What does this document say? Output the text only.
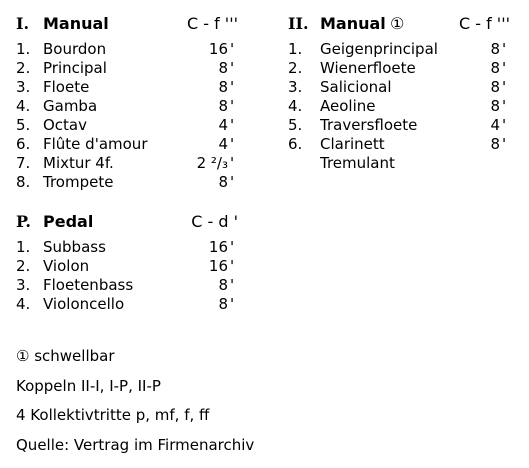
I. Manual	C - f '''
1. Bourdon	16 '
2. Principal	8 '
3. Floete	8 '
4. Gamba	8 '
5. Octav	4 '
6. Flûte d'amour	4 '
7. Mixtur 4f.	2 ²/₃ '
8. Trompete	8 '
II. Manual ①	C - f '''
1. Geigenprincipal	8 '
2. Wienerfloete	8 '
3. Salicional	8 '
4. Aeoline	8 '
5. Traversfloete	4 '
6. Clarinett	8 '
Tremulant
P. Pedal	C - d '
1. Subbass	16 '
2. Violon	16 '
3. Floetenbass	8 '
4. Violoncello	8 '
① schwellbar
Koppeln II-I, I-P, II-P
4 Kollektivtritte p, mf, f, ff
Quelle: Vertrag im Firmenarchiv
